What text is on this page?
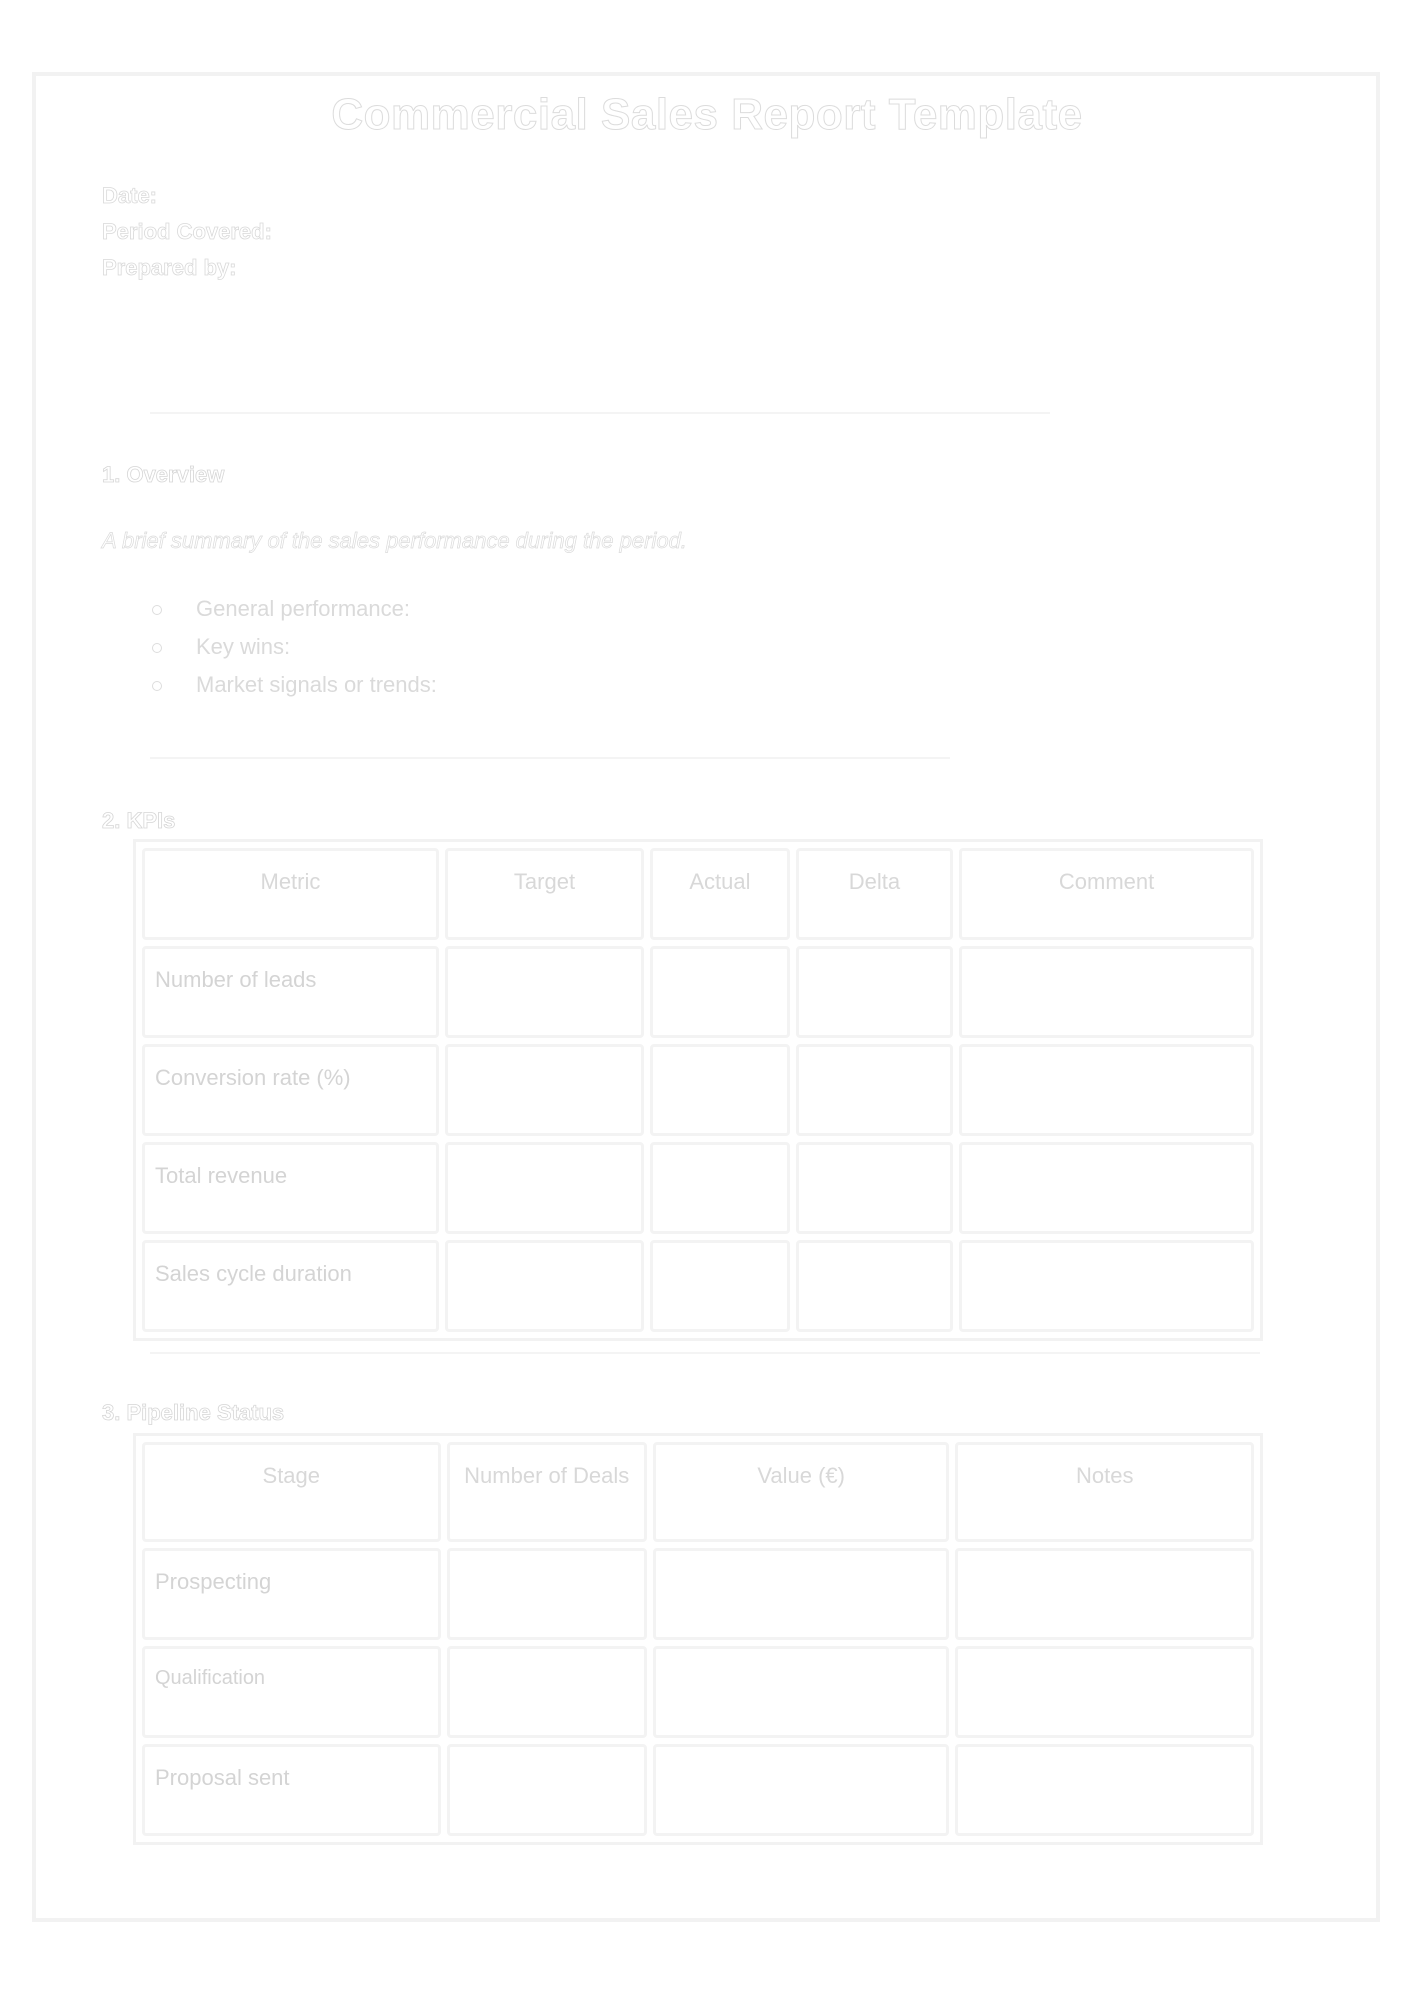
Commercial Sales Report Template
Date:
Period Covered:
Prepared by:
1. Overview
A brief summary of the sales performance during the period.
General performance:
Key wins:
Market signals or trends:
2. KPIs
Metric	Target	Actual	Delta	Comment
Number of leads				
Conversion rate (%)				
Total revenue				
Sales cycle duration				
3. Pipeline Status
Stage	Number of Deals	Value (€)	Notes
Prospecting			
Qualification			
Proposal sent			
